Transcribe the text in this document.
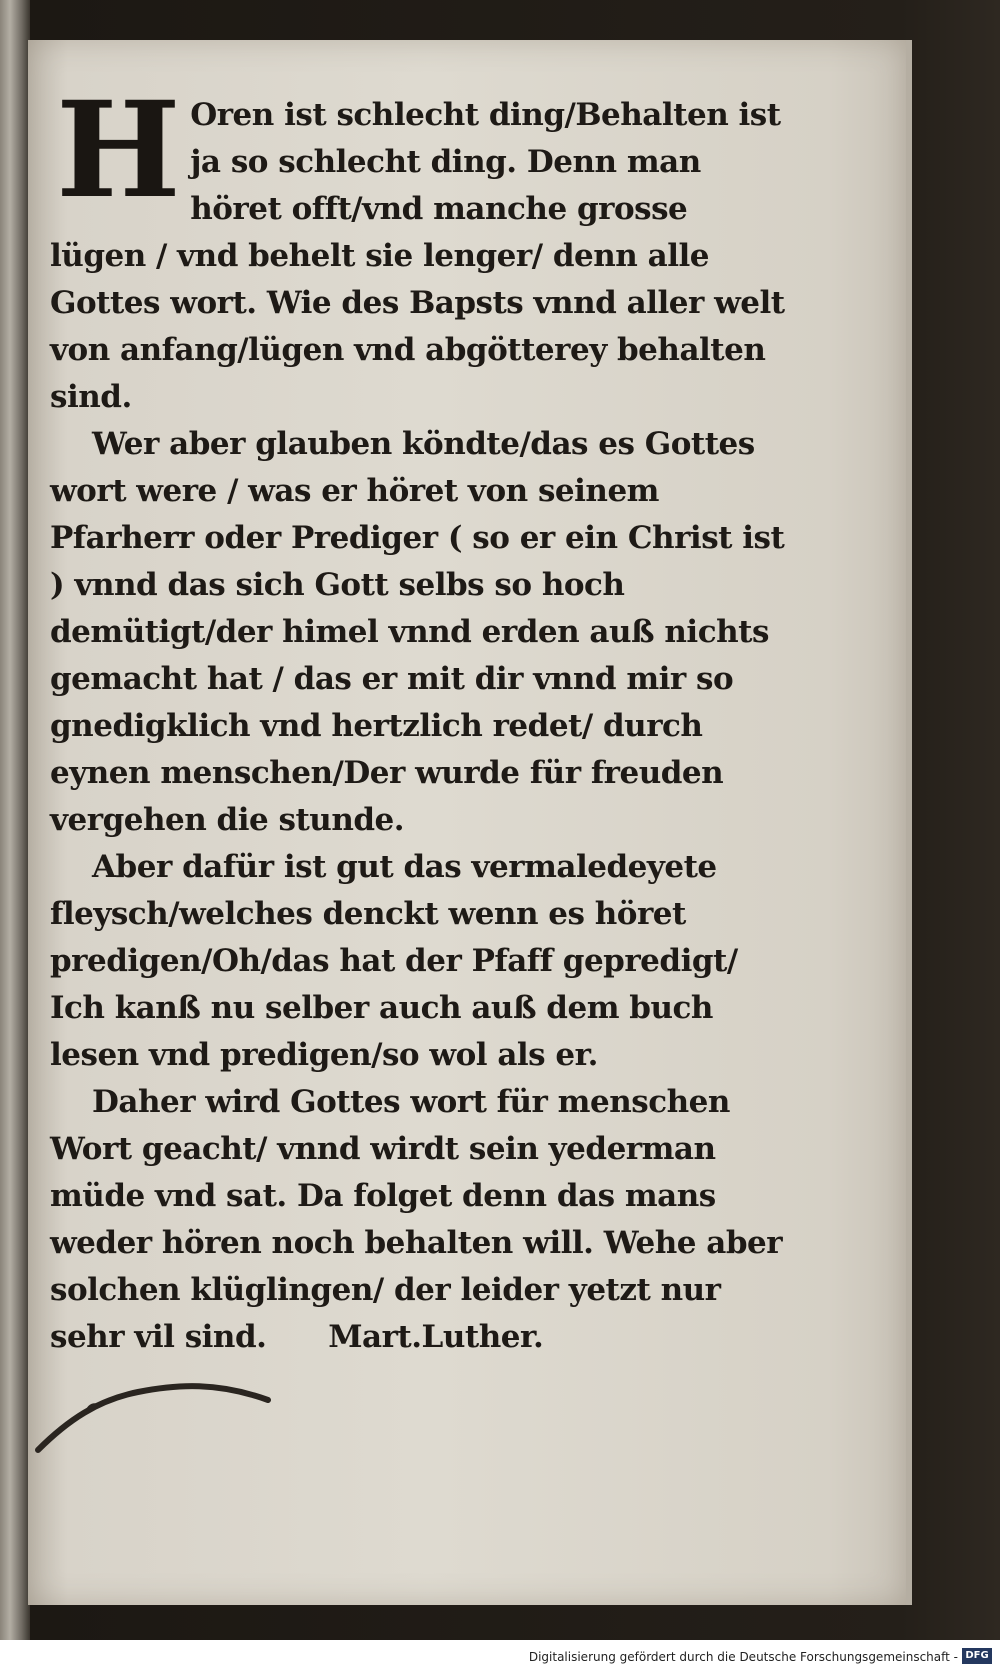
H Oren ist schlecht ding/Behalten ist ja so schlecht ding. Denn man höret offt/vnd manche grosse lügen / vnd behelt sie lenger/ denn alle Gottes wort. Wie des Bapsts vnnd aller welt von anfang/lügen vnd abgötterey behalten sind.

Wer aber glauben köndte/das es Gottes wort were / was er höret von seinem Pfarherr oder Prediger ( so er ein Christ ist ) vnnd das sich Gott selbs so hoch demütigt/der himel vnnd erden auß nichts gemacht hat / das er mit dir vnnd mir so gnedigklich vnd hertzlich redet/ durch eynen menschen/Der wurde für freuden vergehen die stunde.

Aber dafür ist gut das vermaledeyete fleysch/welches denckt wenn es höret predigen/Oh/das hat der Pfaff gepredigt/ Ich kanß nu selber auch auß dem buch lesen vnd predigen/so wol als er.

Daher wird Gottes wort für menschen Wort geacht/ vnnd wirdt sein yederman müde vnd sat. Da folget denn das mans weder hören noch behalten will. Wehe aber solchen klüglingen/ der leider yetzt nur sehr vil sind. Mart.Luther.

Digitalisierung gefördert durch die Deutsche Forschungsgemeinschaft - DFG
